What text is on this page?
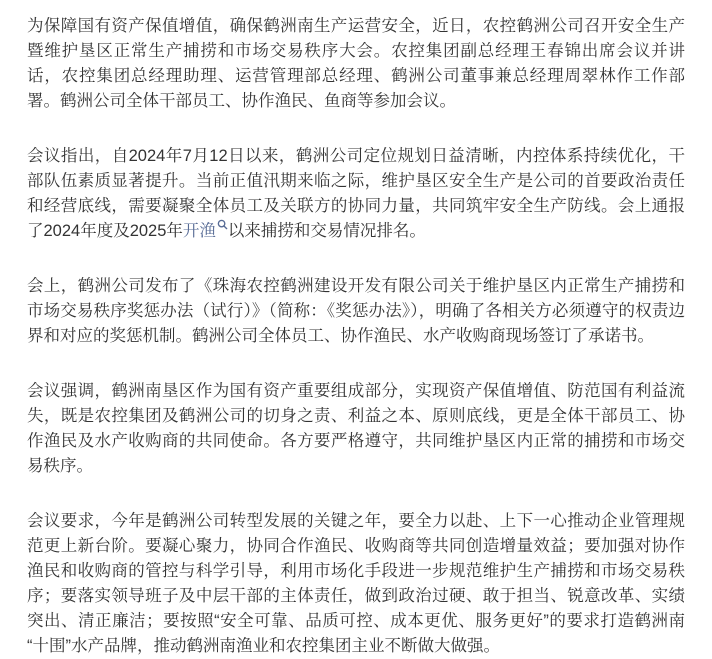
为保障国有资产保值增值，确保鹤洲南生产运营安全，近日，农控鹤洲公司召开安全生产暨维护垦区正常生产捕捞和市场交易秩序大会。农控集团副总经理王春锦出席会议并讲话，农控集团总经理助理、运营管理部总经理、鹤洲公司董事兼总经理周翠林作工作部署。鹤洲公司全体干部员工、协作渔民、鱼商等参加会议。

会议指出，自2024年7月12日以来，鹤洲公司定位规划日益清晰，内控体系持续优化，干部队伍素质显著提升。当前正值汛期来临之际，维护垦区安全生产是公司的首要政治责任和经营底线，需要凝聚全体员工及关联方的协同力量，共同筑牢安全生产防线。会上通报了2024年度及2025年开渔 以来捕捞和交易情况排名。

会上，鹤洲公司发布了《珠海农控鹤洲建设开发有限公司关于维护垦区内正常生产捕捞和市场交易秩序奖惩办法（试行）》（简称：《奖惩办法》），明确了各相关方必须遵守的权责边界和对应的奖惩机制。鹤洲公司全体员工、协作渔民、水产收购商现场签订了承诺书。

会议强调，鹤洲南垦区作为国有资产重要组成部分，实现资产保值增值、防范国有利益流失，既是农控集团及鹤洲公司的切身之责、利益之本、原则底线，更是全体干部员工、协作渔民及水产收购商的共同使命。各方要严格遵守，共同维护垦区内正常的捕捞和市场交易秩序。

会议要求，今年是鹤洲公司转型发展的关键之年，要全力以赴、上下一心推动企业管理规范更上新台阶。要凝心聚力，协同合作渔民、收购商等共同创造增量效益；要加强对协作渔民和收购商的管控与科学引导，利用市场化手段进一步规范维护生产捕捞和市场交易秩序；要落实领导班子及中层干部的主体责任，做到政治过硬、敢于担当、锐意改革、实绩突出、清正廉洁；要按照“安全可靠、品质可控、成本更优、服务更好”的要求打造鹤洲南“十围”水产品牌，推动鹤洲南渔业和农控集团主业不断做大做强。
